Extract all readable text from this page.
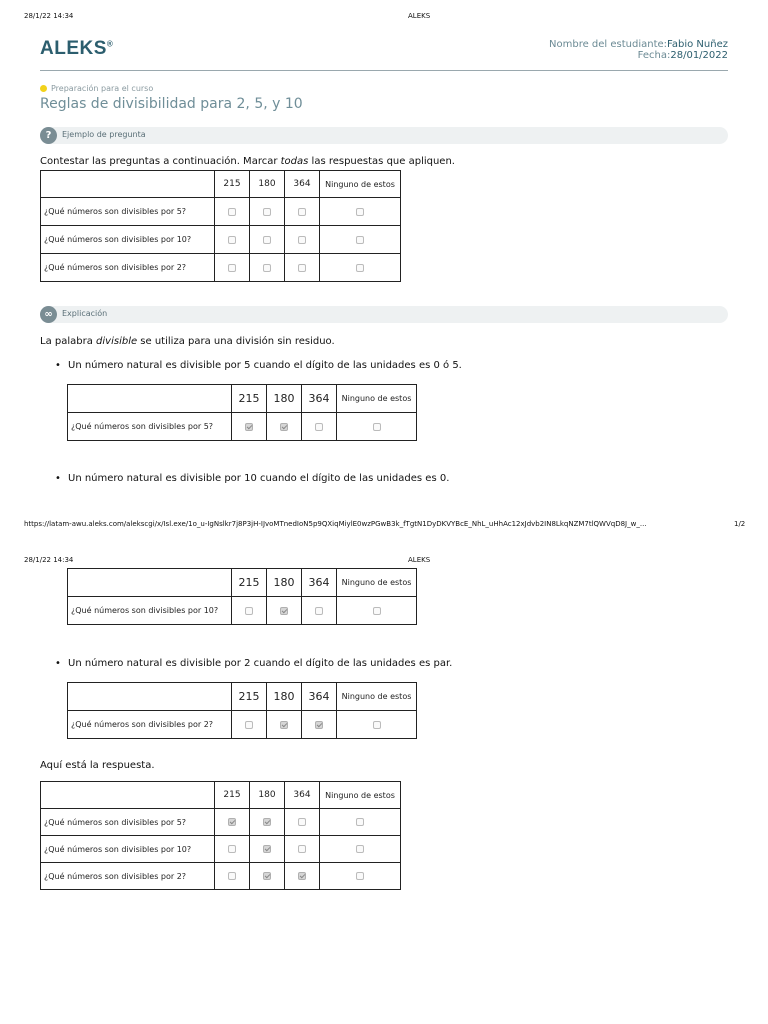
28/1/22 14:34	ALEKS
ALEKS®	Nombre del estudiante:Fabio Nuñez
Fecha:28/01/2022
Preparación para el curso
Reglas de divisibilidad para 2, 5, y 10
?	Ejemplo de pregunta
Contestar las preguntas a continuación. Marcar todas las respuestas que apliquen.
	215	180	364	Ninguno de estos
¿Qué números son divisibles por 5?				
¿Qué números son divisibles por 10?				
¿Qué números son divisibles por 2?				
∞	Explicación
La palabra divisible se utiliza para una división sin residuo.
• Un número natural es divisible por 5 cuando el dígito de las unidades es 0 ó 5.
	215	180	364	Ninguno de estos
¿Qué números son divisibles por 5?				
• Un número natural es divisible por 10 cuando el dígito de las unidades es 0.
https://latam-awu.aleks.com/alekscgi/x/Isl.exe/1o_u-IgNslkr7j8P3jH-IJvoMTnedIoN5p9QXiqMiylE0wzPGwB3k_fTgtN1DyDKVYBcE_NhL_uHhAc12xJdvb2IN8LkqNZM7tlQWVqD8J_w_...	1/2
28/1/22 14:34	ALEKS
	215	180	364	Ninguno de estos
¿Qué números son divisibles por 10?				
• Un número natural es divisible por 2 cuando el dígito de las unidades es par.
	215	180	364	Ninguno de estos
¿Qué números son divisibles por 2?				
Aquí está la respuesta.
	215	180	364	Ninguno de estos
¿Qué números son divisibles por 5?				
¿Qué números son divisibles por 10?				
¿Qué números son divisibles por 2?				
